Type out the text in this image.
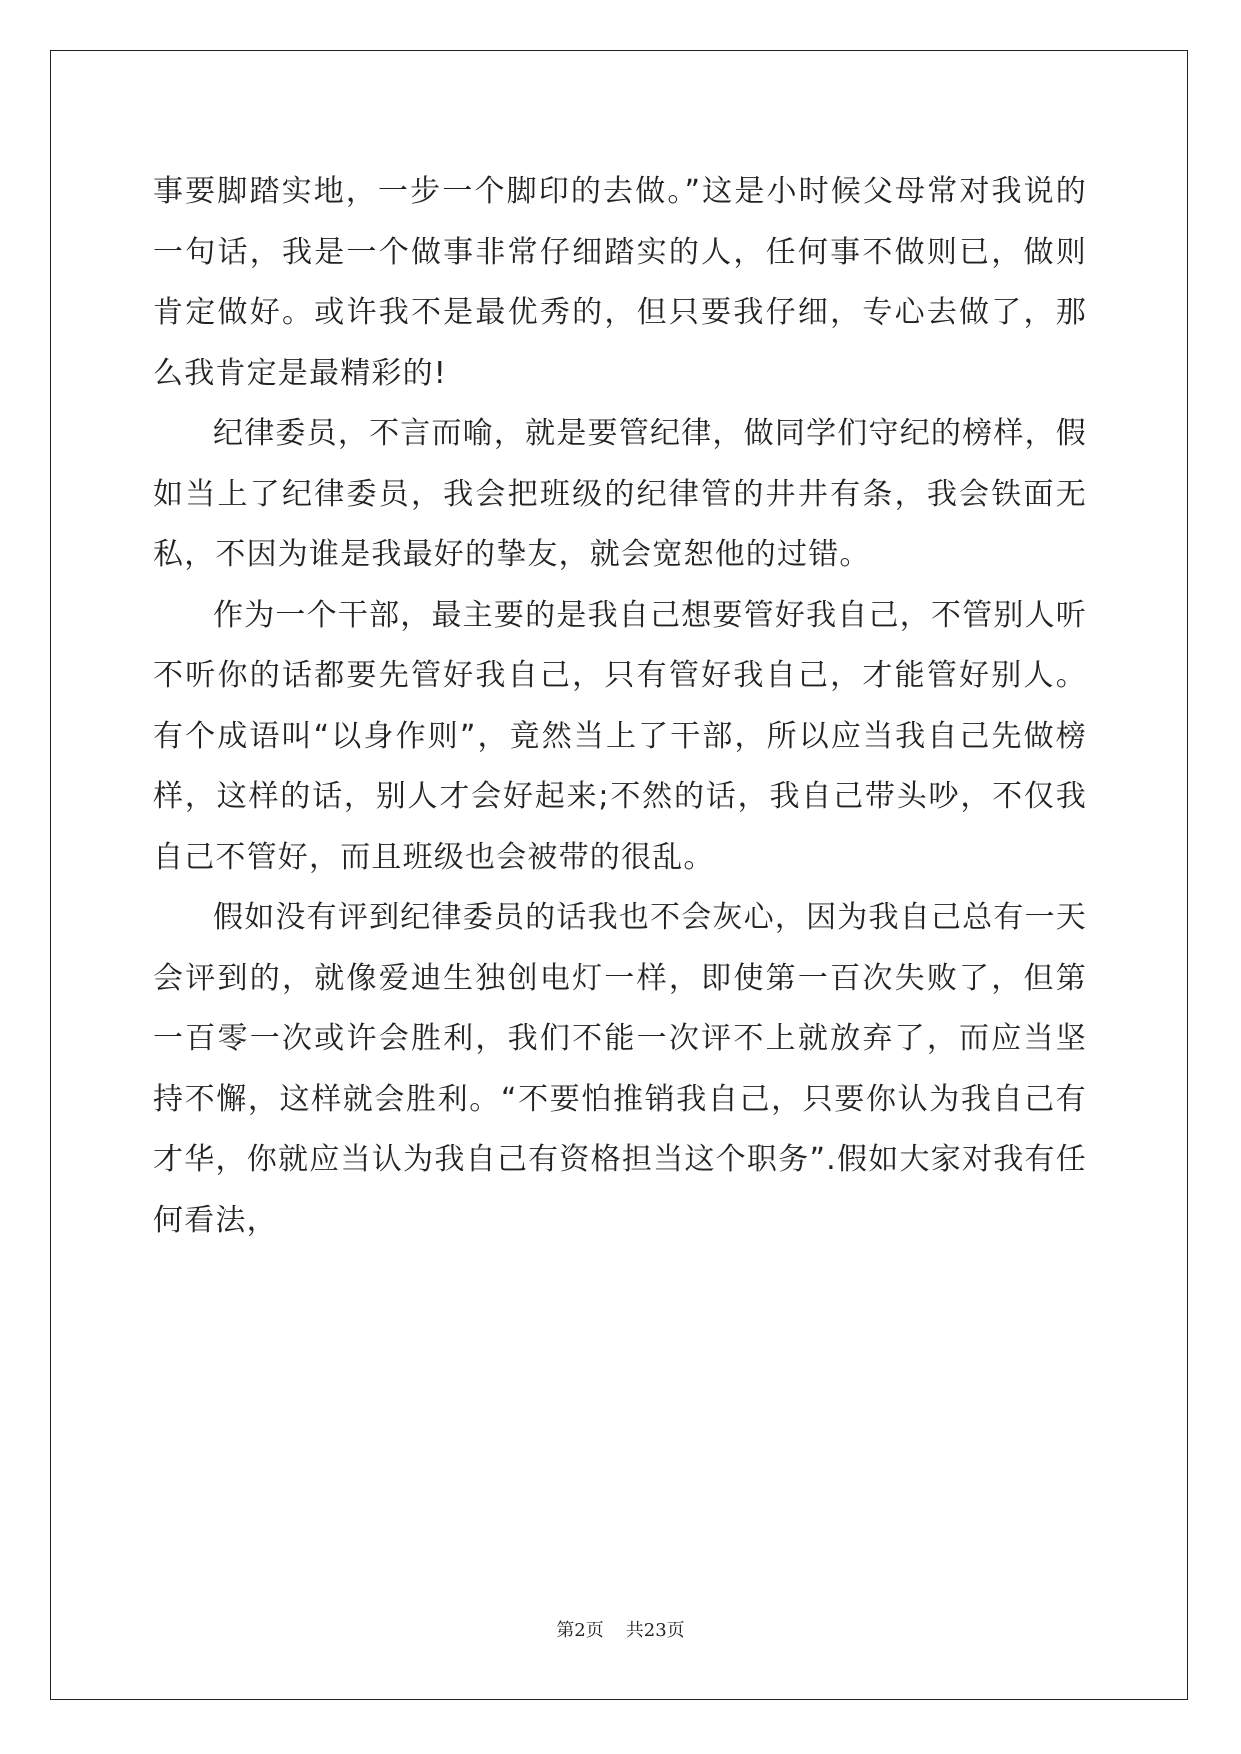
事要脚踏实地，一步一个脚印的去做。”这是小时候父母常对我说的一句话，我是一个做事非常仔细踏实的人，任何事不做则已，做则肯定做好。或许我不是最优秀的，但只要我仔细，专心去做了，那么我肯定是最精彩的!

纪律委员，不言而喻，就是要管纪律，做同学们守纪的榜样，假如当上了纪律委员，我会把班级的纪律管的井井有条，我会铁面无私，不因为谁是我最好的挚友，就会宽恕他的过错。

作为一个干部，最主要的是我自己想要管好我自己，不管别人听不听你的话都要先管好我自己，只有管好我自己，才能管好别人。有个成语叫“以身作则”，竟然当上了干部，所以应当我自己先做榜样，这样的话，别人才会好起来;不然的话，我自己带头吵，不仅我自己不管好，而且班级也会被带的很乱。

假如没有评到纪律委员的话我也不会灰心，因为我自己总有一天会评到的，就像爱迪生独创电灯一样，即使第一百次失败了，但第一百零一次或许会胜利，我们不能一次评不上就放弃了，而应当坚持不懈，这样就会胜利。“不要怕推销我自己，只要你认为我自己有才华，你就应当认为我自己有资格担当这个职务”.假如大家对我有任何看法，

第2页 共23页
